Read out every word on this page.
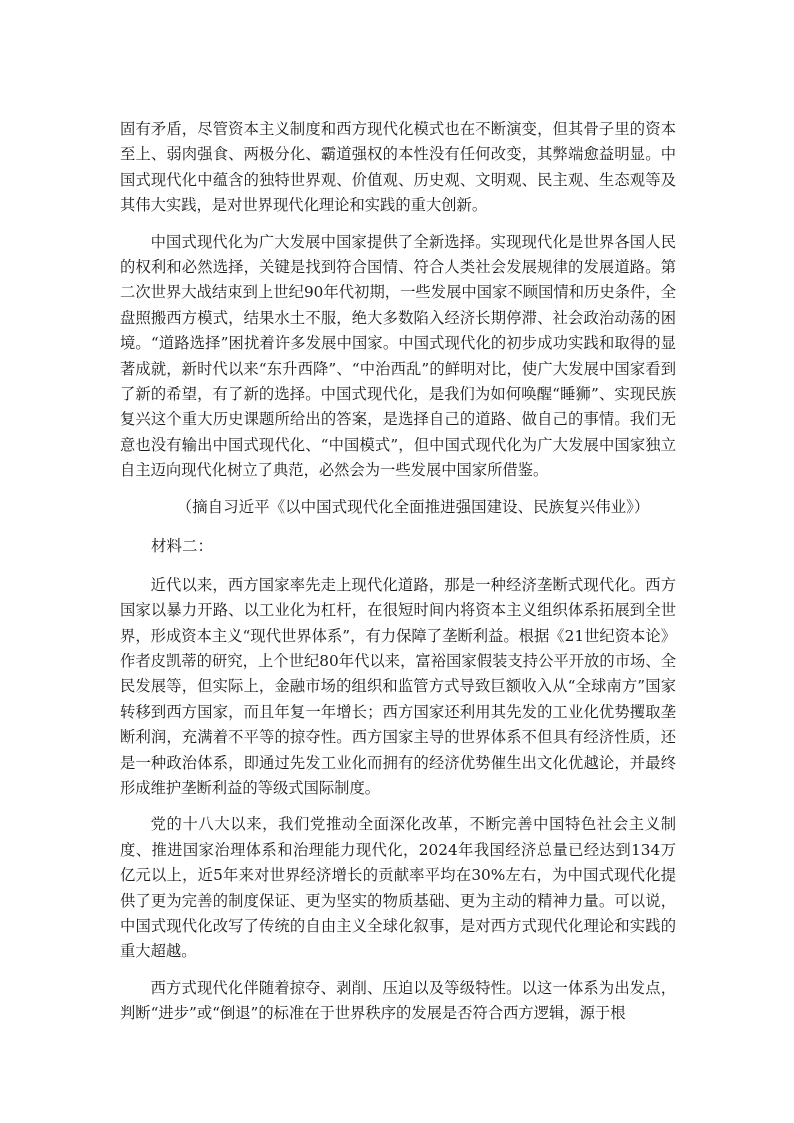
固有矛盾，尽管资本主义制度和西方现代化模式也在不断演变，但其骨子里的资本至上、弱肉强食、两极分化、霸道强权的本性没有任何改变，其弊端愈益明显。中国式现代化中蕴含的独特世界观、价值观、历史观、文明观、民主观、生态观等及其伟大实践，是对世界现代化理论和实践的重大创新。

中国式现代化为广大发展中国家提供了全新选择。实现现代化是世界各国人民的权利和必然选择，关键是找到符合国情、符合人类社会发展规律的发展道路。第二次世界大战结束到上世纪90年代初期，一些发展中国家不顾国情和历史条件，全盘照搬西方模式，结果水土不服，绝大多数陷入经济长期停滞、社会政治动荡的困境。“道路选择”困扰着许多发展中国家。中国式现代化的初步成功实践和取得的显著成就，新时代以来“东升西降”、“中治西乱”的鲜明对比，使广大发展中国家看到了新的希望，有了新的选择。中国式现代化，是我们为如何唤醒“睡狮”、实现民族复兴这个重大历史课题所给出的答案，是选择自己的道路、做自己的事情。我们无意也没有输出中国式现代化、“中国模式”，但中国式现代化为广大发展中国家独立自主迈向现代化树立了典范，必然会为一些发展中国家所借鉴。

（摘自习近平《以中国式现代化全面推进强国建设、民族复兴伟业》）

材料二：

近代以来，西方国家率先走上现代化道路，那是一种经济垄断式现代化。西方国家以暴力开路、以工业化为杠杆，在很短时间内将资本主义组织体系拓展到全世界，形成资本主义“现代世界体系”，有力保障了垄断利益。根据《21世纪资本论》作者皮凯蒂的研究，上个世纪80年代以来，富裕国家假装支持公平开放的市场、全民发展等，但实际上，金融市场的组织和监管方式导致巨额收入从“全球南方”国家转移到西方国家，而且年复一年增长；西方国家还利用其先发的工业化优势攫取垄断利润，充满着不平等的掠夺性。西方国家主导的世界体系不但具有经济性质，还是一种政治体系，即通过先发工业化而拥有的经济优势催生出文化优越论，并最终形成维护垄断利益的等级式国际制度。

党的十八大以来，我们党推动全面深化改革，不断完善中国特色社会主义制度、推进国家治理体系和治理能力现代化，2024年我国经济总量已经达到134万亿元以上，近5年来对世界经济增长的贡献率平均在30%左右，为中国式现代化提供了更为完善的制度保证、更为坚实的物质基础、更为主动的精神力量。可以说，中国式现代化改写了传统的自由主义全球化叙事，是对西方式现代化理论和实践的重大超越。

西方式现代化伴随着掠夺、剥削、压迫以及等级特性。以这一体系为出发点，判断“进步”或“倒退”的标准在于世界秩序的发展是否符合西方逻辑，源于根
